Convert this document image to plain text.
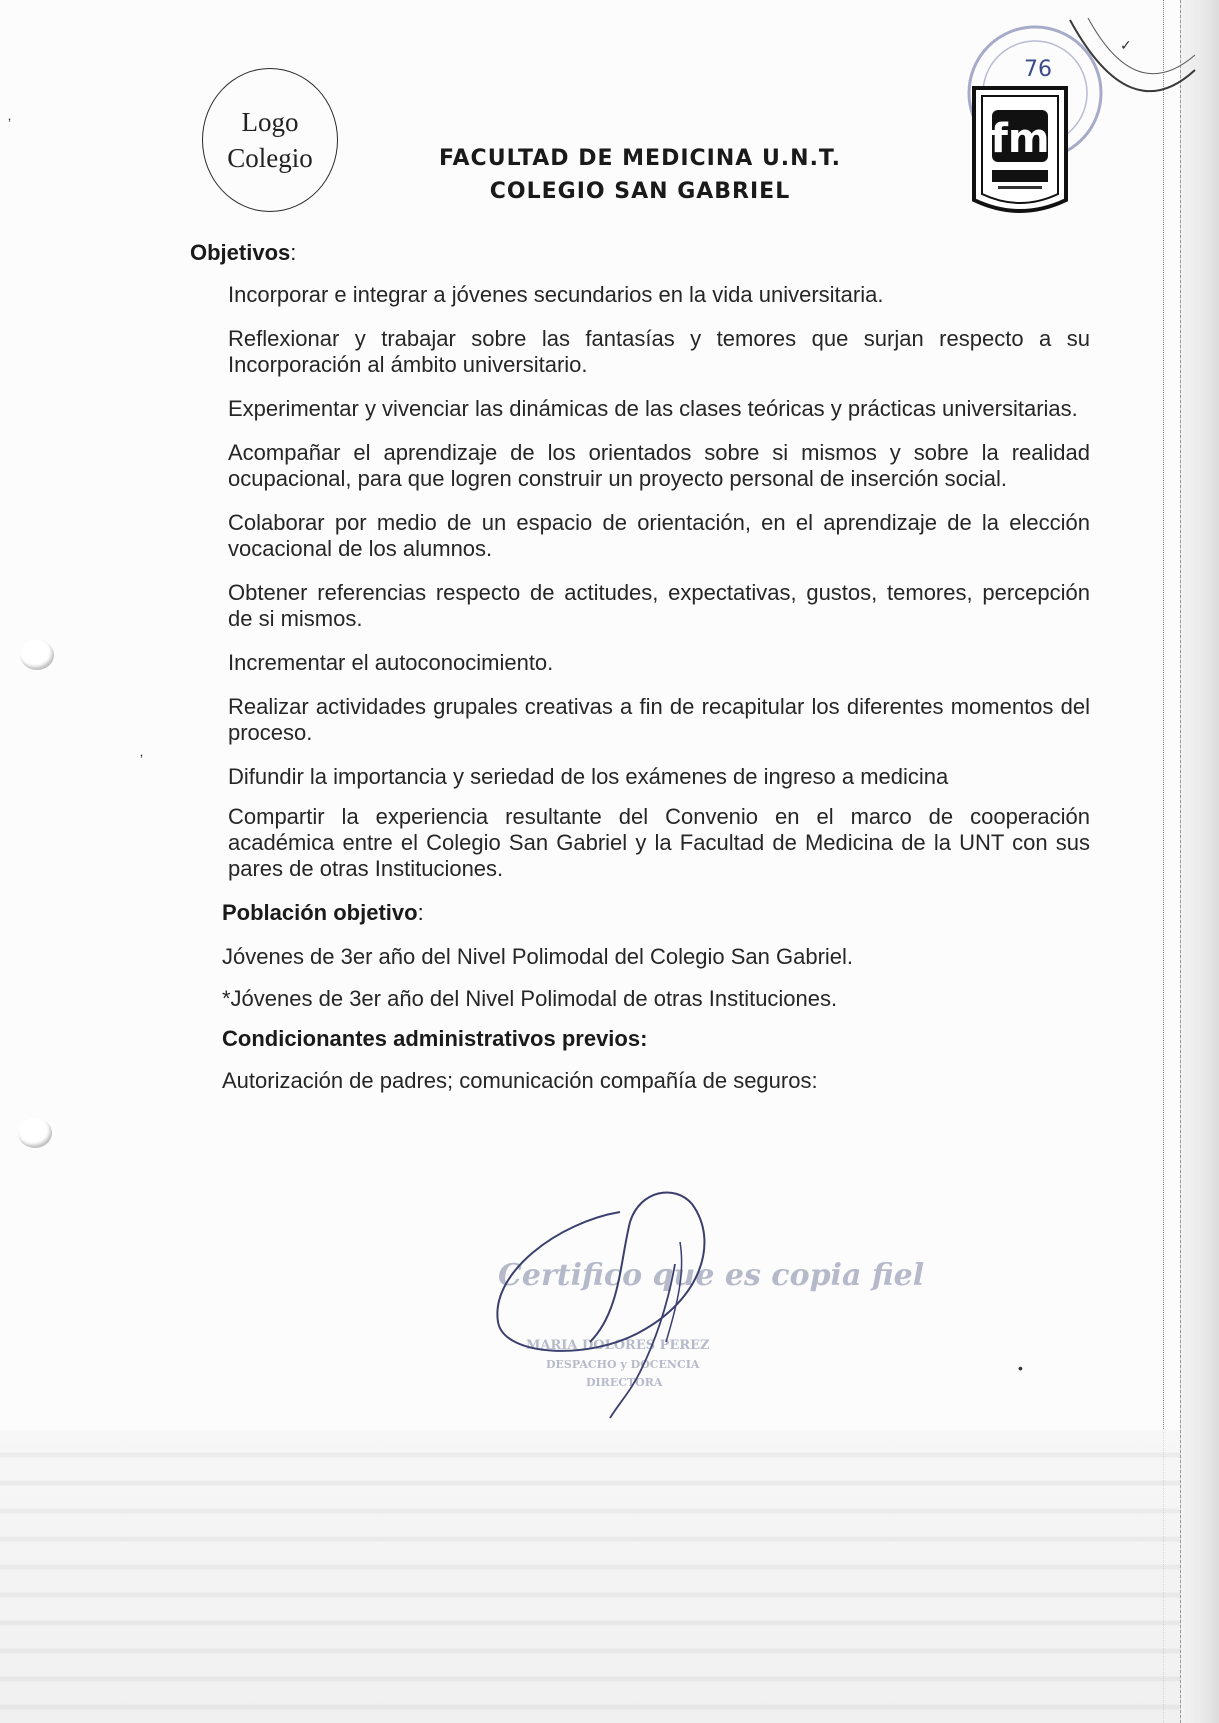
ʼ
ʼ
•
Logo
Colegio	FACULTAD DE MEDICINA U.N.T.
COLEGIO SAN GABRIEL
76
✓
fm
Objetivos:

Incorporar e integrar a jóvenes secundarios en la vida universitaria.

Reflexionar y trabajar sobre las fantasías y temores que surjan respecto a su Incorporación al ámbito universitario.

Experimentar y vivenciar las dinámicas de las clases teóricas y prácticas universitarias.

Acompañar el aprendizaje de los orientados sobre si mismos y sobre la realidad ocupacional, para que logren construir un proyecto personal de inserción social.

Colaborar por medio de un espacio de orientación, en el aprendizaje de la elección vocacional de los alumnos.

Obtener referencias respecto de actitudes, expectativas, gustos, temores, percepción de si mismos.

Incrementar el autoconocimiento.

Realizar actividades grupales creativas a fin de recapitular los diferentes momentos del proceso.

Difundir la importancia y seriedad de los exámenes de ingreso a medicina

Compartir la experiencia resultante del Convenio en el marco de cooperación académica entre el Colegio San Gabriel y la Facultad de Medicina de la UNT con sus pares de otras Instituciones.

Población objetivo:

Jóvenes de 3er año del Nivel Polimodal del Colegio San Gabriel.

*Jóvenes de 3er año del Nivel Polimodal de otras Instituciones.

Condicionantes administrativos previos:

Autorización de padres; comunicación compañía de seguros:

Certifico que es copia fiel
MARIA DOLORES PEREZ
DESPACHO y DOCENCIA
DIRECTORA
